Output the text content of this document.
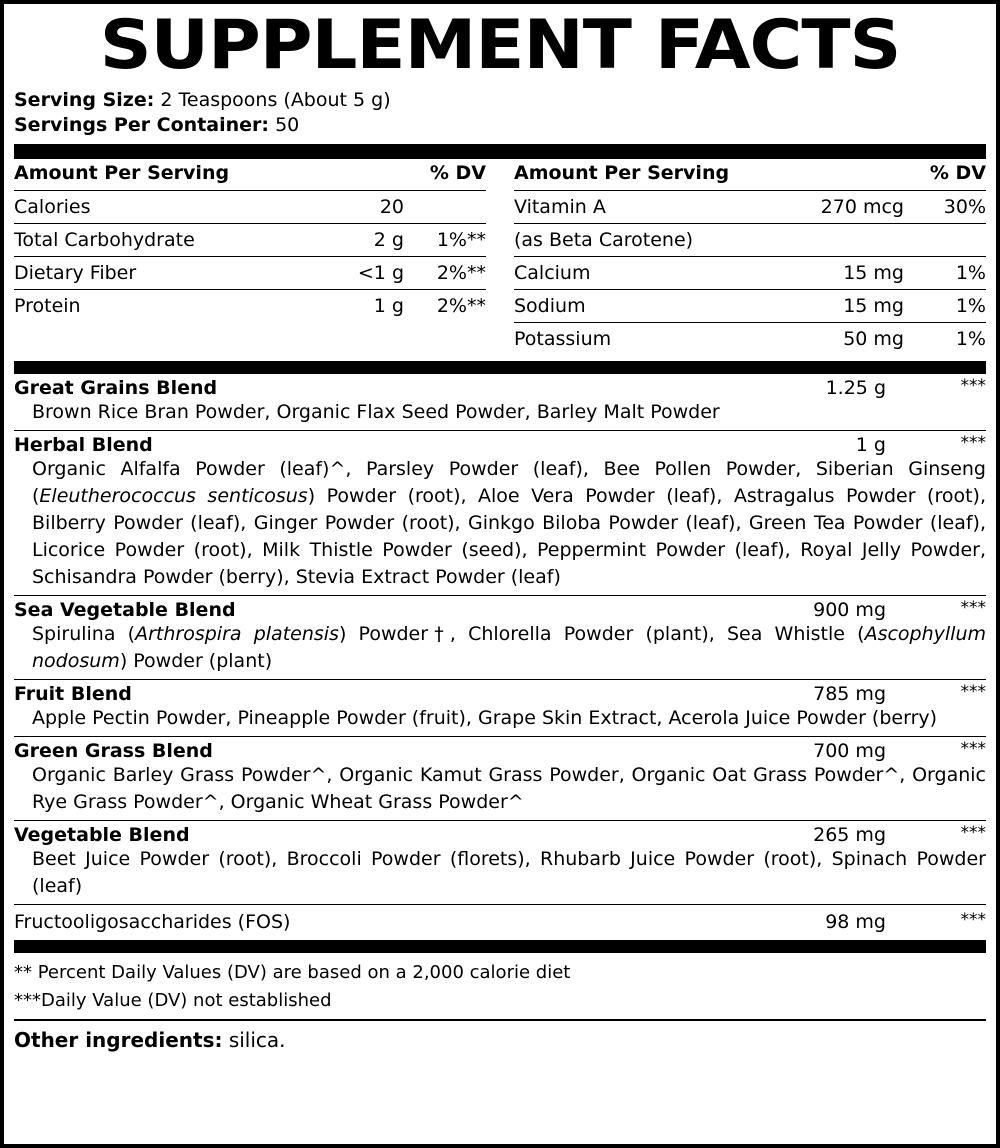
SUPPLEMENT FACTS
Serving Size: 2 Teaspoons (About 5 g)
Servings Per Container: 50
Amount Per Serving		% DV
Calories	20	
Total Carbohydrate	2 g	1%**
Dietary Fiber	<1 g	2%**
Protein	1 g	2%**
Amount Per Serving		% DV
Vitamin A	270 mcg	30%
(as Beta Carotene)		
Calcium	15 mg	1%
Sodium	15 mg	1%
Potassium	50 mg	1%
Great Grains Blend	1.25 g	***
Brown Rice Bran Powder, Organic Flax Seed Powder, Barley Malt Powder
Herbal Blend	1 g	***
Organic Alfalfa Powder (leaf)^, Parsley Powder (leaf), Bee Pollen Powder, Siberian Ginseng (Eleutherococcus senticosus) Powder (root), Aloe Vera Powder (leaf), Astragalus Powder (root), Bilberry Powder (leaf), Ginger Powder (root), Ginkgo Biloba Powder (leaf), Green Tea Powder (leaf), Licorice Powder (root), Milk Thistle Powder (seed), Peppermint Powder (leaf), Royal Jelly Powder, Schisandra Powder (berry), Stevia Extract Powder (leaf)
Sea Vegetable Blend	900 mg	***
Spirulina (Arthrospira platensis) Powder†, Chlorella Powder (plant), Sea Whistle (Ascophyllum nodosum) Powder (plant)
Fruit Blend	785 mg	***
Apple Pectin Powder, Pineapple Powder (fruit), Grape Skin Extract, Acerola Juice Powder (berry)
Green Grass Blend	700 mg	***
Organic Barley Grass Powder^, Organic Kamut Grass Powder, Organic Oat Grass Powder^, Organic Rye Grass Powder^, Organic Wheat Grass Powder^
Vegetable Blend	265 mg	***
Beet Juice Powder (root), Broccoli Powder (florets), Rhubarb Juice Powder (root), Spinach Powder (leaf)
Fructooligosaccharides (FOS)	98 mg	***
** Percent Daily Values (DV) are based on a 2,000 calorie diet
***Daily Value (DV) not established
Other ingredients: silica.
